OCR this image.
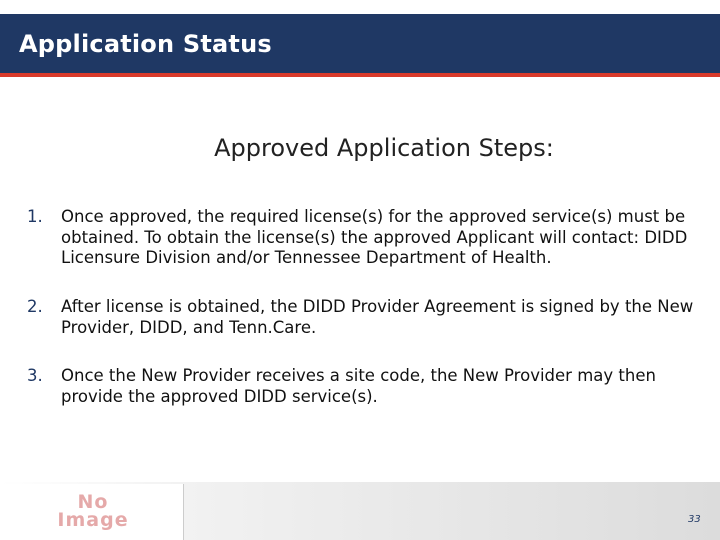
Application Status
Approved Application Steps:
1. Once approved, the required license(s) for the approved service(s) must be obtained. To obtain the license(s) the approved Applicant will contact: DIDD Licensure Division and/or Tennessee Department of Health.
2. After license is obtained, the DIDD Provider Agreement is signed by the New Provider, DIDD, and Tenn.Care.
3. Once the New Provider receives a site code, the New Provider may then provide the approved DIDD service(s).
No
Image	33
